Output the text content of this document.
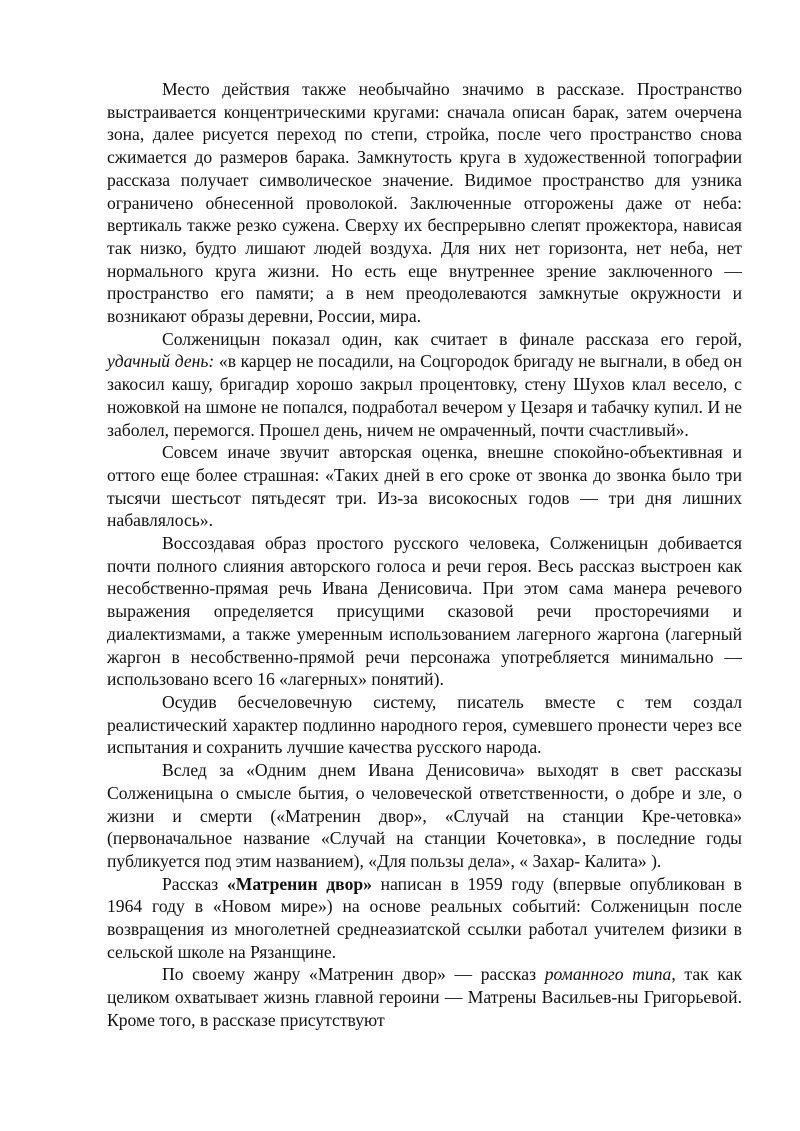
Место действия также необычайно значимо в рассказе. Пространство выстраивается концентрическими кругами: сначала описан барак, затем очерчена зона, далее рисуется переход по степи, стройка, после чего пространство снова сжимается до размеров барака. Замкнутость круга в художественной топографии рассказа получает символическое значение. Видимое пространство для узника ограничено обнесенной проволокой. Заключенные отгорожены даже от неба: вертикаль также резко сужена. Сверху их беспрерывно слепят прожектора, нависая так низко, будто лишают людей воздуха. Для них нет горизонта, нет неба, нет нормального круга жизни. Но есть еще внутреннее зрение заключенного — пространство его памяти; а в нем преодолеваются замкнутые окружности и возникают образы деревни, России, мира.

Солженицын показал один, как считает в финале рассказа его герой, удачный день: «в карцер не посадили, на Соцгородок бригаду не выгнали, в обед он закосил кашу, бригадир хорошо закрыл процентовку, стену Шухов клал весело, с ножовкой на шмоне не попался, подработал вечером у Цезаря и табачку купил. И не заболел, перемогся. Прошел день, ничем не омраченный, почти счастливый».

Совсем иначе звучит авторская оценка, внешне спокойно-объективная и оттого еще более страшная: «Таких дней в его сроке от звонка до звонка было три тысячи шестьсот пятьдесят три. Из-за високосных годов — три дня лишних набавлялось».

Воссоздавая образ простого русского человека, Солженицын добивается почти полного слияния авторского голоса и речи героя. Весь рассказ выстроен как несобственно-прямая речь Ивана Денисовича. При этом сама манера речевого выражения определяется присущими сказовой речи просторечиями и диалектизмами, а также умеренным использованием лагерного жаргона (лагерный жаргон в несобственно-прямой речи персонажа употребляется минимально — использовано всего 16 «лагерных» понятий).

Осудив бесчеловечную систему, писатель вместе с тем создал реалистический характер подлинно народного героя, сумевшего пронести через все испытания и сохранить лучшие качества русского народа.

Вслед за «Одним днем Ивана Денисовича» выходят в свет рассказы Солженицына о смысле бытия, о человеческой ответственности, о добре и зле, о жизни и смерти («Матренин двор», «Случай на станции Кре-четовка» (первоначальное название «Случай на станции Кочетовка», в последние годы публикуется под этим названием), «Для пользы дела», « Захар- Калита» ).

Рассказ «Матренин двор» написан в 1959 году (впервые опубликован в 1964 году в «Новом мире») на основе реальных событий: Солженицын после возвращения из многолетней среднеазиатской ссылки работал учителем физики в сельской школе на Рязанщине.

По своему жанру «Матренин двор» — рассказ романного типа, так как целиком охватывает жизнь главной героини — Матрены Васильев-ны Григорьевой. Кроме того, в рассказе присутствуют
